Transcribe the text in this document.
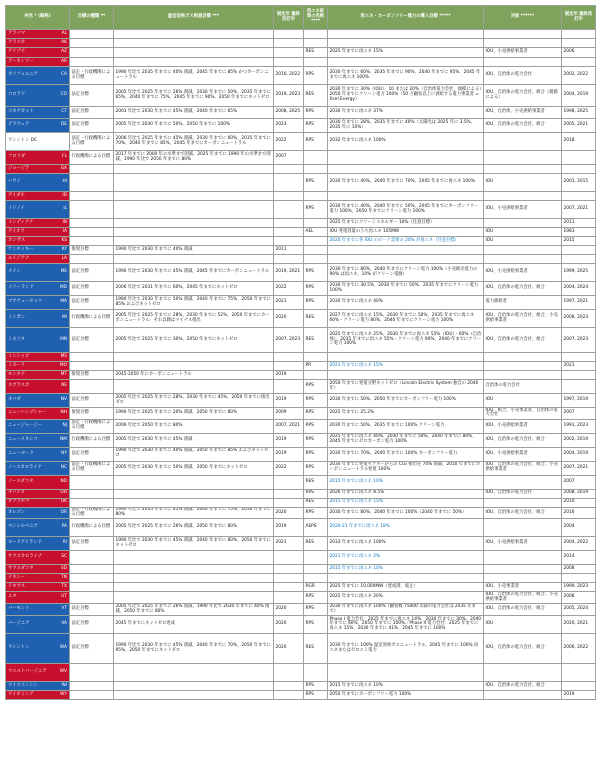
州名 * (略称)	目標の種類 **	温室効果ガス削減目標 ***	制定年 最終改訂年	再エネ政策の名称 ****	再エネ・カーボンフリー電力の導入目標 *****	対象 ******	制定年 最終改訂年

アラバマ AL							

アラスカ AK							

アリゾナ AZ				RES	2025 年までに再エネ 15%	IOU、小売供給事業者	2006

アーカンソー AR							

カリフォルニア CA	法定・行政機関による目標	1990 年比で 2035 年までに 40% 削減、2045 年までに 85% かつカーボンニュートラル	2016, 2022	RPS	2030 年までに 60%、2035 年までに 90%、2040 年までに 95%、2045 年までに再エネ 100%	IOU、自治体の電力会社	2002, 2022

コロラド CO	法定目標	2005 年比で 2025 年までに 26% 削減、2030 年までに 50%、2035 年までに 65%、2040 年までに 75%、2045 年までに 90%、2050 年までにネットゼロ	2019, 2023	RES	2030 年までに 30%（IOU）、10 または 20%（自治体電力会社、規模による）2050 年までにクリーン電力 100%（50 万顧客以上に供給する電力事業者 = Xcel Energy）	IOU、自治体の電力会社、組合（規模による）	2004, 2019

コネチカット CT	法定目標	2001 年比で 2030 年までに 45% 削減、2040 年までに 65%	2008, 2025	RPS	2030 年までに再エネ 37%	IOU、自治体、小売供給事業者	1998, 2025

デラウェア DE	法定目標	2005 年比で 2030 年までに 50%、2050 年までに 100%	2023	RPS	2030 年までに 28%、2035 年までに 40%（太陽光は 2025 年に 3.5%、2035 年に 10%）	IOU、自治体の電力会社、組合	2005, 2021

ワシントン DC	法定・行政機関による目標	2006 年比で 2025 年までに 45% 削減、2030 年までに 60%、2035 年までに 70%、2040 年までに 85%、2045 年までにカーボンニュートラル	2022	RPS	2032 年までに再エネ 100%		2018

フロリダ FL	行政機関による目標	2017 年までに 2000 年の水準まで削減、2025 年までに 1990 年の水準まで削減、1990 年比で 2050 年までに 80%	2007				

ジョージア GA							

ハワイ HI				RPS	2030 年までに 40%、2040 年までに 70%、2045 年までに再エネ 100%	IOU	2001, 2015

アイダホ ID							

イリノイ IL				RPS	2030 年までに 40%、2040 年までに 50%、2045 年までにカーボンフリー電力 100%、2050 年までにクリーン電力 100%	IOU、小売供給事業者	2007, 2021

インディアナ IN					2025 年までにクリーンエネルギー 10%（任意目標）		2011

アイオワ IA				AEL	IOU 発電容量のうち再エネ 105MW	IOU	1983

カンザス KS					2020 年までに各 IOU のピーク需要の 20% が再エネ（任意目標）	IOU	2015

ケンタッキー KY	推奨目標	1990 年比で 2030 年までに 40% 削減	2011				

ルイジアナ LA							

メイン ME	法定目標	1990 年比で 2030 年までに 45% 削減、2045 年までにカーボンニュートラル	2019, 2021	RPS	2030 年までに 80%、2040 年までにクリーン電力 100%（小売販売電力の 90% は再エネ、10% がクリーン電源）	IOU、小売供給事業者	1999, 2025

メリーランド MD	法定目標	2006 年比で 2031 年までに 60%、2045 年までにネットゼロ	2022	RPS	2030 年までに 30.5%、2030 年までに 50%、2035 年までにクリーン電力 100%	IOU、自治体の電力会社、組合	2004, 2024

マサチューセッツ MA	法定目標	1990 年比で 2030 年までに 50% 削減、2040 年までに 75%、2050 年までに 85% およびネットゼロ	2021	RPS	2030 年までに再エネ 40%	電力卸給者	1997, 2021

ミシガン MI	行政機関による目標	2005 年比で 2025 年までに 28%、2030 年までに 52%、2050 年までにカーボンニュートラル、それ以降はマイナス排出	2020	RES	2027 年までに再エネ 15%、2030 年までに 50%、2035 年までに再エネ 60%・クリーン電力 80%、2040 年までにクリーン電力 100%	IOU、自治体の電力会社、組合、小売供給事業者	2008, 2023

ミネソタ MN	法定目標	2005 年比で 2025 年までに 30%、2050 年までにネットゼロ	2007, 2023	RES	2025 年までに再エネ 25%、2030 年までに再エネ 55%（IOU）・60%（自治体）、2035 年までに再エネ 55%・クリーン電力 90%、2040 年までにクリーン電力 100%	IOU、自治体の電力会社、組合	2007, 2023

ミシシッピ MS							

ミズーリ MO				PR	2021 年までに再エネ 15%		2021

モンタナ MT	推奨目標	2045-2050 年にカーボンニュートラル	2019				

ネブラスカ NE				RPS	2050 年までに発電分野ネットゼロ（Lincoln Electric System 独自の 2040 年）	自治体の電力会社	

ネバダ NV	法定目標	2005 年比で 2025 年までに 28%、2030 年までに 45%、2050 年までに排出ゼロ	2019	RPS	2030 年までに 50%、2050 年までにカーボンフリー電力 100%	IOU	1997, 2019

ニューハンプシャー NH	推奨目標	1990 年比で 2025 年までに 20% 削減、2050 年までに 80%	2009	RPS	2025 年までに 25.2%	IOU、組合、小売事業者、自治体の電力会社	2007

ニュージャージー NJ	法定・行政機関による目標	2006 年比で 2050 年までに 80%	2007, 2021	RPS	2030 年までに 50%、2035 年までに 100% クリーン電力	IOU、小売供給事業者	1991, 2023

ニューメキシコ NM	行政機関による目標	2005 年比で 2030 年までに 45% 削減	2019	RPS	2025 年までに再エネ 40%、2030 年までに 50%、2040 年までに 80%、2045 年までにゼロカーボン電力 100%	IOU、自治体の電力会社、組合	2002, 2019

ニューヨーク NY	法定目標	1990 年比で 2030 年までに 40% 削減、2050 年までに 85% およびネットゼロ	2019	RPS	2030 年までに 70%、2040 年までに 100% カーボンフリー電力	IOU、小売供給事業者	2004, 2019

ノースカロライナ NC	法定・行政機関による目標	2005 年比で 2030 年までに 50% 削減、2050 年までにネットゼロ	2022	RPS	2030 年までに発電セクターからの CO₂ 排出を 70% 削減、2050 年までにカーボンニュートラル発電 100%	IOU、自治体の電力会社、組合、小売供給事業者	2007, 2021

ノースダコタ ND				RES	2015 年までに再エネ 10%		2007

オハイオ OH				RPS	2026 年までに再エネ 8.5%	IOU、自治体の電力会社	2008, 2019

オクラホマ OK				RES	2015 年までに再エネ 15%		2010

オレゴン OR	法定・行政機関による目標	1990 年比で 2035 年までに 45% 削減、2040 年までに 75%、2050 年までに 80%	2020	RPS	2030 年までに 80%、2040 年までに 100%（2040 年までに 50%）	IOU、自治体の電力会社、組合	2016

ペンシルベニア PA	行政機関による目標	2005 年比で 2025 年までに 26% 削減、2050 年までに 80%	2019	AEPS	2020-21 年までに再エネ 18%		2004

ロードアイランド RI	法定目標	1990 年比で 2030 年までに 45% 削減、2040 年までに 80%、2050 年までにネットゼロ	2021	RES	2033 年までに再エネ 100%	IOU、小売供給事業者	2004, 2022

サウスカロライナ SC					2021 年までに再エネ 2%		2014

サウスダコタ SD					2015 年までに再エネ 10%		2008

テネシー TN							

テキサス TX				RGR	2025 年までに 10,000MW（達成済、廃止）	IOU、小売事業者	1999, 2023

ユタ UT				RPS	2025 年までに再エネ 20%	IOU、自治体の電力会社、組合、小売供給事業者	2008

バーモント VT	法定目標	2005 年比で 2025 年までに 26% 削減、1990 年比で 2030 年までに 40% 削減、2050 年までに 80%	2020	RPS	2030 年までに再エネ 100%（顧客数 75000 未満の電力会社は 2035 年まで）	IOU、自治体の電力会社、組合	2005, 2024

バージニア VA	法定目標	2045 年までにネットゼロ達成	2020	RPS	Phase I 電力会社：2025 年までに再エネ 14%、2030 年までに 30%、2040 年までに 60%、2050 年までに 100%／Phase II 電力会社：2025 年までに再エネ 15%、2030 年までに 41%、2045 年までに 100%	IOU	2020, 2021

ワシントン WA	法定目標	1990 年比で 2030 年までに 45% 削減、2040 年までに 70%、2050 年までに 95%、2050 年までにネットゼロ	2020	RES	2030 年までに 100% 温室効果ガスニュートラル、2045 年までに 100% 再エネまたはゼロエミ電力	IOU、自治体の電力会社、組合	2006, 2022

ウエストバージニア WV							

ウイスコンシン WI				RPS	2015 年までに再エネ 10%	IOU、自治体の電力会社、組合	

ワイオミング WY				RPS	2050 年までにカーボンフリー電力 100%		2019
